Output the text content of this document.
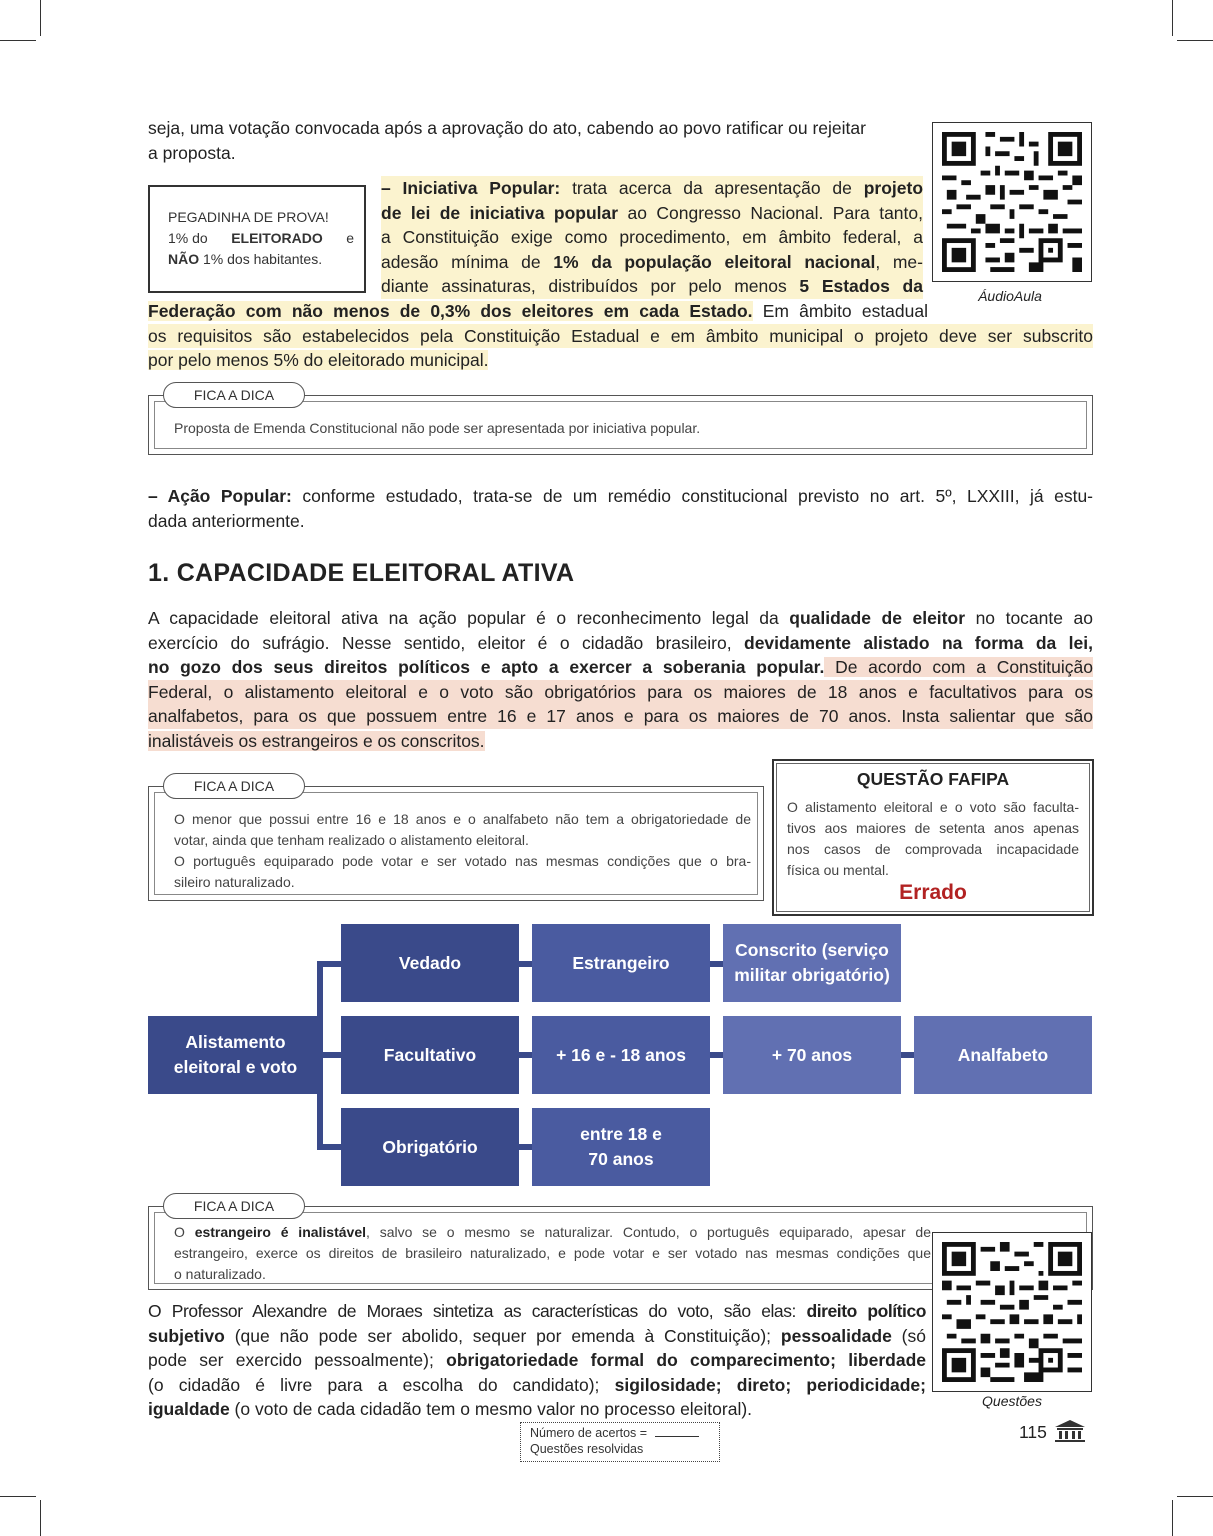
seja, uma votação convocada após a aprovação do ato, cabendo ao povo ratificar ou rejeitar
a proposta.
PEGADINHA DE PROVA!
1% do ELEITORADO e
NÃO 1% dos habitantes.
– Iniciativa Popular: trata acerca da apresentação de projeto
de lei de iniciativa popular ao Congresso Nacional. Para tanto,
a Constituição exige como procedimento, em âmbito federal, a
adesão mínima de 1% da população eleitoral nacional, me-
diante assinaturas, distribuídos por pelo menos 5 Estados da
Federação com não menos de 0,3% dos eleitores em cada Estado. Em âmbito estadual
os requisitos são estabelecidos pela Constituição Estadual e em âmbito municipal o projeto deve ser subscrito
por pelo menos 5% do eleitorado municipal.
ÁudioAula
FICA A DICA
Proposta de Emenda Constitucional não pode ser apresentada por iniciativa popular.
– Ação Popular: conforme estudado, trata-se de um remédio constitucional previsto no art. 5º, LXXIII, já estu-
dada anteriormente.
1. CAPACIDADE ELEITORAL ATIVA
A capacidade eleitoral ativa na ação popular é o reconhecimento legal da qualidade de eleitor no tocante ao
exercício do sufrágio. Nesse sentido, eleitor é o cidadão brasileiro, devidamente alistado na forma da lei,
no gozo dos seus direitos políticos e apto a exercer a soberania popular. De acordo com a Constituição
Federal, o alistamento eleitoral e o voto são obrigatórios para os maiores de 18 anos e facultativos para os
analfabetos, para os que possuem entre 16 e 17 anos e para os maiores de 70 anos. Insta salientar que são
inalistáveis os estrangeiros e os conscritos.
FICA A DICA
O menor que possui entre 16 e 18 anos e o analfabeto não tem a obrigatoriedade de
votar, ainda que tenham realizado o alistamento eleitoral.
O português equiparado pode votar e ser votado nas mesmas condições que o bra-
sileiro naturalizado.
QUESTÃO FAFIPA
O alistamento eleitoral e o voto são faculta-
tivos aos maiores de setenta anos apenas
nos casos de comprovada incapacidade
física ou mental.
Errado
Alistamento
eleitoral e voto
Vedado	Estrangeiro
Conscrito (serviço
militar obrigatório)
Facultativo	+ 16 e - 18 anos	+ 70 anos	Analfabeto
Obrigatório
entre 18 e
70 anos
FICA A DICA
O estrangeiro é inalistável, salvo se o mesmo se naturalizar. Contudo, o português equiparado, apesar de
estrangeiro, exerce os direitos de brasileiro naturalizado, e pode votar e ser votado nas mesmas condições que
o naturalizado.
Questões
O Professor Alexandre de Moraes sintetiza as características do voto, são elas: direito político
subjetivo (que não pode ser abolido, sequer por emenda à Constituição); pessoalidade (só
pode ser exercido pessoalmente); obrigatoriedade formal do comparecimento; liberdade
(o cidadão é livre para a escolha do candidato); sigilosidade; direto; periodicidade;
igualdade (o voto de cada cidadão tem o mesmo valor no processo eleitoral).
Número de acertos =
Questões resolvidas
115
